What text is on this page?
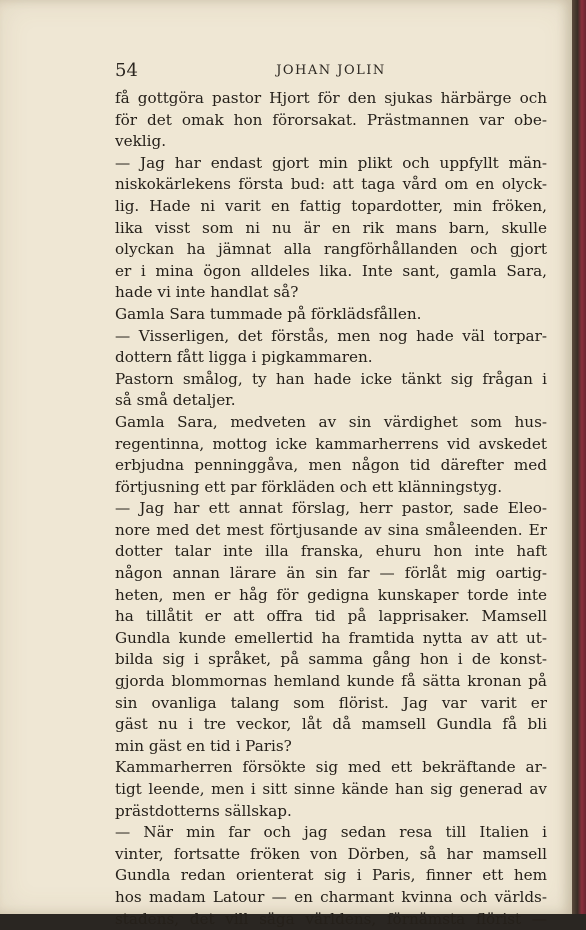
54	JOHAN JOLIN
få gottgöra pastor Hjort för den sjukas härbärge och
för det omak hon förorsakat. Prästmannen var obe-
veklig.
— Jag har endast gjort min plikt och uppfyllt män-
niskokärlekens första bud: att taga vård om en olyck-
lig. Hade ni varit en fattig topardotter, min fröken,
lika visst som ni nu är en rik mans barn, skulle
olyckan ha jämnat alla rangförhållanden och gjort
er i mina ögon alldeles lika. Inte sant, gamla Sara,
hade vi inte handlat så?
Gamla Sara tummade på förklädsfållen.
— Visserligen, det förstås, men nog hade väl torpar-
dottern fått ligga i pigkammaren.
Pastorn smålog, ty han hade icke tänkt sig frågan i
så små detaljer.
Gamla Sara, medveten av sin värdighet som hus-
regentinna, mottog icke kammarherrens vid avskedet
erbjudna penninggåva, men någon tid därefter med
förtjusning ett par förkläden och ett klänningstyg.
— Jag har ett annat förslag, herr pastor, sade Eleo-
nore med det mest förtjusande av sina småleenden. Er
dotter talar inte illa franska, ehuru hon inte haft
någon annan lärare än sin far — förlåt mig oartig-
heten, men er håg för gedigna kunskaper torde inte
ha tillåtit er att offra tid på lapprisaker. Mamsell
Gundla kunde emellertid ha framtida nytta av att ut-
bilda sig i språket, på samma gång hon i de konst-
gjorda blommornas hemland kunde få sätta kronan på
sin ovanliga talang som flörist. Jag var varit er
gäst nu i tre veckor, låt då mamsell Gundla få bli
min gäst en tid i Paris?
Kammarherren försökte sig med ett bekräftande ar-
tigt leende, men i sitt sinne kände han sig generad av
prästdotterns sällskap.
— När min far och jag sedan resa till Italien i
vinter, fortsatte fröken von Dörben, så har mamsell
Gundla redan orienterat sig i Paris, finner ett hem
hos madam Latour — en charmant kvinna och världs-
stadens, det vill säga världens, förnämsta flörist —
